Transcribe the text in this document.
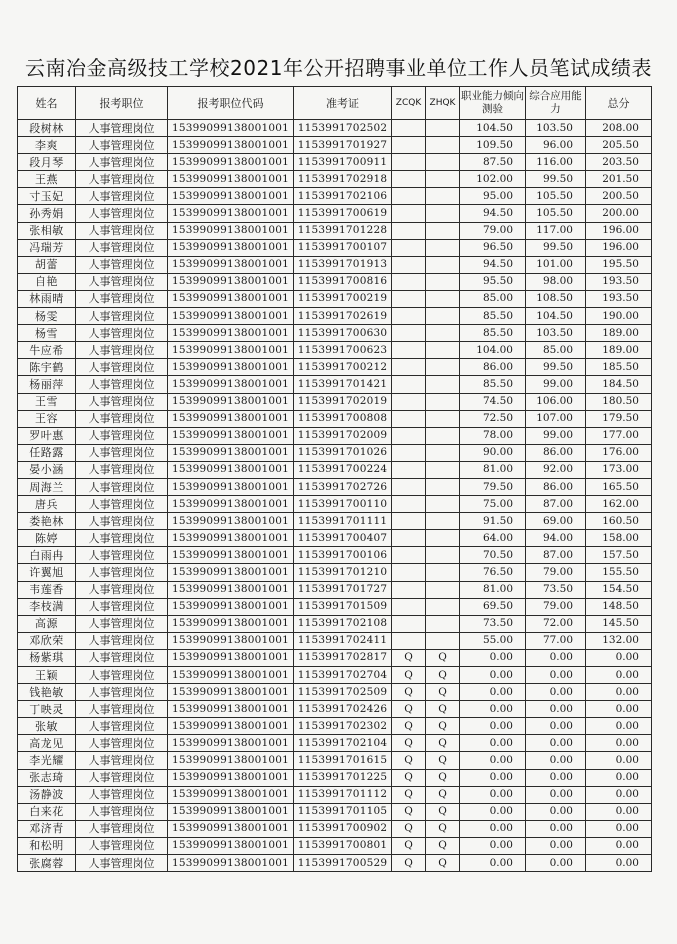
云南冶金高级技工学校2021年公开招聘事业单位工作人员笔试成绩表
姓名	报考职位	报考职位代码	准考证	ZCQK	ZHQK	职业能力倾向测验	综合应用能力	总分
段树林	人事管理岗位	15399099138001001	1153991702502			104.50	103.50	208.00
李爽	人事管理岗位	15399099138001001	1153991701927			109.50	96.00	205.50
段月琴	人事管理岗位	15399099138001001	1153991700911			87.50	116.00	203.50
王燕	人事管理岗位	15399099138001001	1153991702918			102.00	99.50	201.50
寸玉妃	人事管理岗位	15399099138001001	1153991702106			95.00	105.50	200.50
孙秀娟	人事管理岗位	15399099138001001	1153991700619			94.50	105.50	200.00
张相敏	人事管理岗位	15399099138001001	1153991701228			79.00	117.00	196.00
冯瑞芳	人事管理岗位	15399099138001001	1153991700107			96.50	99.50	196.00
胡蕾	人事管理岗位	15399099138001001	1153991701913			94.50	101.00	195.50
自艳	人事管理岗位	15399099138001001	1153991700816			95.50	98.00	193.50
林雨晴	人事管理岗位	15399099138001001	1153991700219			85.00	108.50	193.50
杨雯	人事管理岗位	15399099138001001	1153991702619			85.50	104.50	190.00
杨雪	人事管理岗位	15399099138001001	1153991700630			85.50	103.50	189.00
牛应希	人事管理岗位	15399099138001001	1153991700623			104.00	85.00	189.00
陈宇鹤	人事管理岗位	15399099138001001	1153991700212			86.00	99.50	185.50
杨丽萍	人事管理岗位	15399099138001001	1153991701421			85.50	99.00	184.50
王雪	人事管理岗位	15399099138001001	1153991702019			74.50	106.00	180.50
王容	人事管理岗位	15399099138001001	1153991700808			72.50	107.00	179.50
罗叶惠	人事管理岗位	15399099138001001	1153991702009			78.00	99.00	177.00
任路露	人事管理岗位	15399099138001001	1153991701026			90.00	86.00	176.00
晏小涵	人事管理岗位	15399099138001001	1153991700224			81.00	92.00	173.00
周海兰	人事管理岗位	15399099138001001	1153991702726			79.50	86.00	165.50
唐兵	人事管理岗位	15399099138001001	1153991700110			75.00	87.00	162.00
娄艳林	人事管理岗位	15399099138001001	1153991701111			91.50	69.00	160.50
陈婷	人事管理岗位	15399099138001001	1153991700407			64.00	94.00	158.00
白雨冉	人事管理岗位	15399099138001001	1153991700106			70.50	87.00	157.50
许翼旭	人事管理岗位	15399099138001001	1153991701210			76.50	79.00	155.50
韦莲香	人事管理岗位	15399099138001001	1153991701727			81.00	73.50	154.50
李枝满	人事管理岗位	15399099138001001	1153991701509			69.50	79.00	148.50
高源	人事管理岗位	15399099138001001	1153991702108			73.50	72.00	145.50
邓欣荣	人事管理岗位	15399099138001001	1153991702411			55.00	77.00	132.00
杨紫琪	人事管理岗位	15399099138001001	1153991702817	Q	Q	0.00	0.00	0.00
王颖	人事管理岗位	15399099138001001	1153991702704	Q	Q	0.00	0.00	0.00
钱艳敏	人事管理岗位	15399099138001001	1153991702509	Q	Q	0.00	0.00	0.00
丁映灵	人事管理岗位	15399099138001001	1153991702426	Q	Q	0.00	0.00	0.00
张敏	人事管理岗位	15399099138001001	1153991702302	Q	Q	0.00	0.00	0.00
高龙见	人事管理岗位	15399099138001001	1153991702104	Q	Q	0.00	0.00	0.00
李光耀	人事管理岗位	15399099138001001	1153991701615	Q	Q	0.00	0.00	0.00
张志琦	人事管理岗位	15399099138001001	1153991701225	Q	Q	0.00	0.00	0.00
汤静波	人事管理岗位	15399099138001001	1153991701112	Q	Q	0.00	0.00	0.00
白来花	人事管理岗位	15399099138001001	1153991701105	Q	Q	0.00	0.00	0.00
邓济青	人事管理岗位	15399099138001001	1153991700902	Q	Q	0.00	0.00	0.00
和松明	人事管理岗位	15399099138001001	1153991700801	Q	Q	0.00	0.00	0.00
张腐蓉	人事管理岗位	15399099138001001	1153991700529	Q	Q	0.00	0.00	0.00
